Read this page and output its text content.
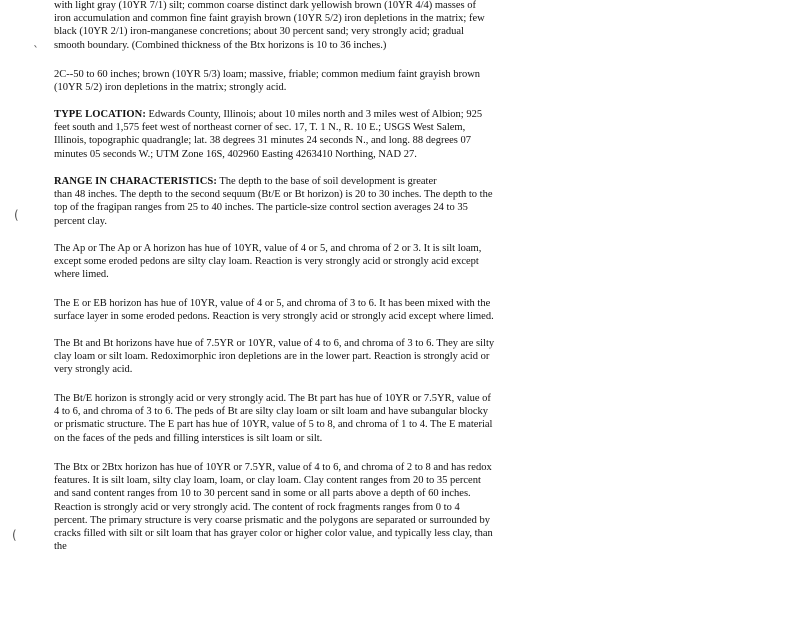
`
(
(
with light gray (10YR 7/1) silt; common coarse distinct dark yellowish brown (10YR 4/4) masses of
iron accumulation and common fine faint grayish brown (10YR 5/2) iron depletions in the matrix; few
black (10YR 2/1) iron-manganese concretions; about 30 percent sand; very strongly acid; gradual
smooth boundary. (Combined thickness of the Btx horizons is 10 to 36 inches.)
2C--50 to 60 inches; brown (10YR 5/3) loam; massive, friable; common medium faint grayish brown
(10YR 5/2) iron depletions in the matrix; strongly acid.
TYPE LOCATION: Edwards County, Illinois; about 10 miles north and 3 miles west of Albion; 925
feet south and 1,575 feet west of northeast corner of sec. 17, T. 1 N., R. 10 E.; USGS West Salem,
Illinois, topographic quadrangle; lat. 38 degrees 31 minutes 24 seconds N., and long. 88 degrees 07
minutes 05 seconds W.; UTM Zone 16S, 402960 Easting 4263410 Northing, NAD 27.
RANGE IN CHARACTERISTICS: The depth to the base of soil development is greater
than 48 inches. The depth to the second sequum (Bt/E or Bt horizon) is 20 to 30 inches. The depth to the
top of the fragipan ranges from 25 to 40 inches. The particle-size control section averages 24 to 35
percent clay.
The Ap or The Ap or A horizon has hue of 10YR, value of 4 or 5, and chroma of 2 or 3. It is silt loam,
except some eroded pedons are silty clay loam. Reaction is very strongly acid or strongly acid except
where limed.
The E or EB horizon has hue of 10YR, value of 4 or 5, and chroma of 3 to 6. It has been mixed with the
surface layer in some eroded pedons. Reaction is very strongly acid or strongly acid except where limed.
The Bt and Bt horizons have hue of 7.5YR or 10YR, value of 4 to 6, and chroma of 3 to 6. They are silty
clay loam or silt loam. Redoximorphic iron depletions are in the lower part. Reaction is strongly acid or
very strongly acid.
The Bt/E horizon is strongly acid or very strongly acid. The Bt part has hue of 10YR or 7.5YR, value of
4 to 6, and chroma of 3 to 6. The peds of Bt are silty clay loam or silt loam and have subangular blocky
or prismatic structure. The E part has hue of 10YR, value of 5 to 8, and chroma of 1 to 4. The E material
on the faces of the peds and filling interstices is silt loam or silt.
The Btx or 2Btx horizon has hue of 10YR or 7.5YR, value of 4 to 6, and chroma of 2 to 8 and has redox
features. It is silt loam, silty clay loam, loam, or clay loam. Clay content ranges from 20 to 35 percent
and sand content ranges from 10 to 30 percent sand in some or all parts above a depth of 60 inches.
Reaction is strongly acid or very strongly acid. The content of rock fragments ranges from 0 to 4
percent. The primary structure is very coarse prismatic and the polygons are separated or surrounded by
cracks filled with silt or silt loam that has grayer color or higher color value, and typically less clay, than
the
